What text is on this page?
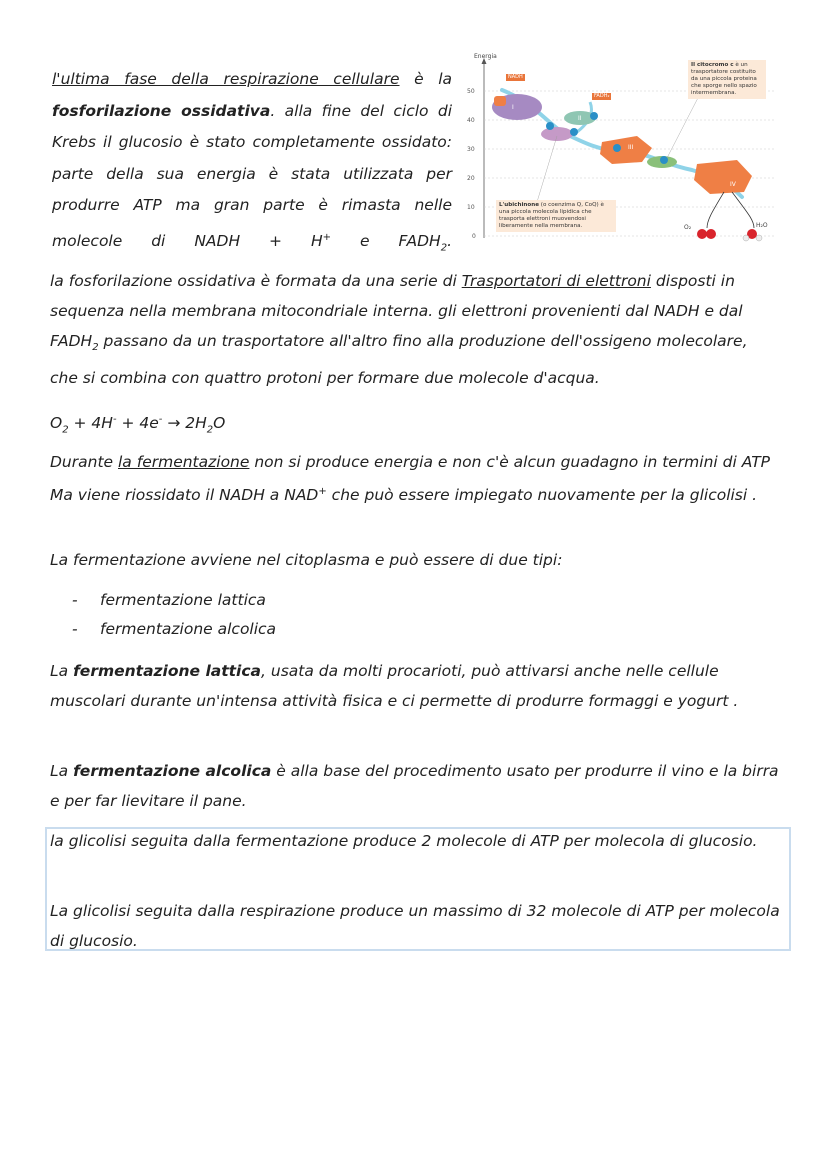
l'ultima fase della respirazione cellulare è la fosforilazione ossidativa. alla fine del ciclo di Krebs il glucosio è stato completamente ossidato: parte della sua energia è stata utilizzata per produrre ATP ma gran parte è rimasta nelle molecole di NADH + H+ e $FADH_2$.
Energia
50
40
30
20
10
0
NADH
FADH₂
I
II
III
IV
Il citocromo c è un trasportatore costituito da una piccola proteina che sporge nello spazio intermembrana.
L'ubichinone (o coenzima Q, CoQ) è una piccola molecola lipidica che trasporta elettroni muovendosi liberamente nella membrana.	O₂	H₂O
la fosforilazione ossidativa è formata da una serie di Trasportatori di elettroni disposti in sequenza nella membrana mitocondriale interna. gli elettroni provenienti dal NADH e dal $FADH_2$ passano da un trasportatore all'altro fino alla produzione dell'ossigeno molecolare, che si combina con quattro protoni per formare due molecole d'acqua.
$O_2 + 4H^- + 4e^- \to 2H_2O$
Durante la fermentazione non si produce energia e non c'è alcun guadagno in termini di ATP Ma viene riossidato il NADH a NAD+ che può essere impiegato nuovamente per la glicolisi .
La fermentazione avviene nel citoplasma e può essere di due tipi:
-	fermentazione lattica
-	fermentazione alcolica
La fermentazione lattica, usata da molti procarioti, può attivarsi anche nelle cellule muscolari durante un'intensa attività fisica e ci permette di produrre formaggi e yogurt .
La fermentazione alcolica è alla base del procedimento usato per produrre il vino e la birra e per far lievitare il pane.
la glicolisi seguita dalla fermentazione produce 2 molecole di ATP per molecola di glucosio.
La glicolisi seguita dalla respirazione produce un massimo di 32 molecole di ATP per molecola di glucosio.
